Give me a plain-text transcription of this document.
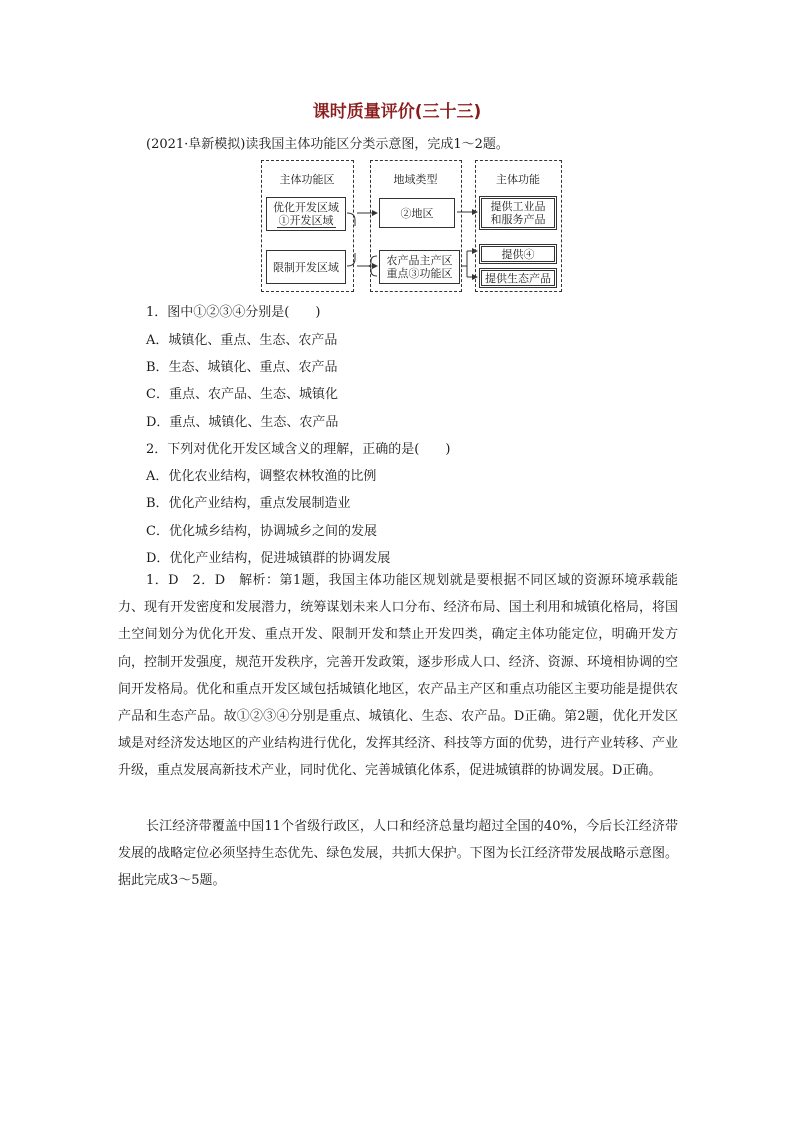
课时质量评价(三十三)
(2021·阜新模拟)读我国主体功能区分类示意图，完成1～2题。
主体功能区	地域类型	主体功能
优化开发区域
①开发区域
限制开发区域
②地区
农产品主产区
重点③功能区
提供工业品
和服务产品
提供④
提供生态产品
1．图中①②③④分别是(　　)
A．城镇化、重点、生态、农产品
B．生态、城镇化、重点、农产品
C．重点、农产品、生态、城镇化
D．重点、城镇化、生态、农产品
2．下列对优化开发区域含义的理解，正确的是(　　)
A．优化农业结构，调整农林牧渔的比例
B．优化产业结构，重点发展制造业
C．优化城乡结构，协调城乡之间的发展
D．优化产业结构，促进城镇群的协调发展

1．D　2．D　 解析：第1题，我国主体功能区规划就是要根据不同区域的资源环境承载能力、现有开发密度和发展潜力，统筹谋划未来人口分布、经济布局、国土利用和城镇化格局，将国土空间划分为优化开发、重点开发、限制开发和禁止开发四类，确定主体功能定位，明确开发方向，控制开发强度，规范开发秩序，完善开发政策，逐步形成人口、经济、资源、环境相协调的空间开发格局。优化和重点开发区域包括城镇化地区，农产品主产区和重点功能区主要功能是提供农产品和生态产品。故①②③④分别是重点、城镇化、生态、农产品。D正确。第2题，优化开发区域是对经济发达地区的产业结构进行优化，发挥其经济、科技等方面的优势，进行产业转移、产业升级，重点发展高新技术产业，同时优化、完善城镇化体系，促进城镇群的协调发展。D正确。

长江经济带覆盖中国11个省级行政区，人口和经济总量均超过全国的40%，今后长江经济带发展的战略定位必须坚持生态优先、绿色发展，共抓大保护。下图为长江经济带发展战略示意图。据此完成3～5题。
